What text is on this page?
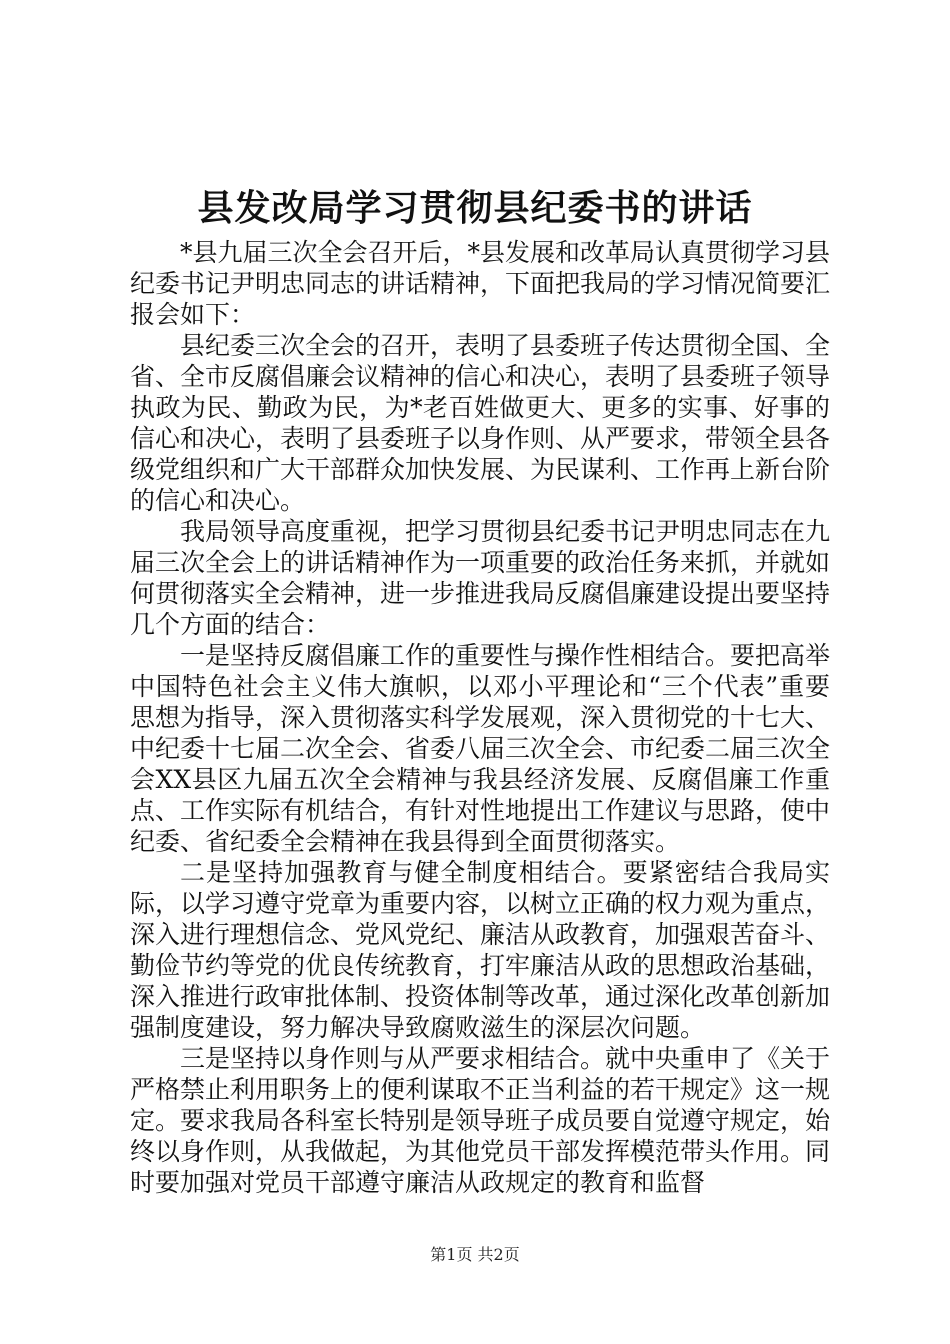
县发改局学习贯彻县纪委书的讲话

*县九届三次全会召开后，*县发展和改革局认真贯彻学习县纪委书记尹明忠同志的讲话精神，下面把我局的学习情况简要汇报会如下：

县纪委三次全会的召开，表明了县委班子传达贯彻全国、全省、全市反腐倡廉会议精神的信心和决心，表明了县委班子领导执政为民、勤政为民，为*老百姓做更大、更多的实事、好事的信心和决心，表明了县委班子以身作则、从严要求，带领全县各级党组织和广大干部群众加快发展、为民谋利、工作再上新台阶的信心和决心。

我局领导高度重视，把学习贯彻县纪委书记尹明忠同志在九届三次全会上的讲话精神作为一项重要的政治任务来抓，并就如何贯彻落实全会精神，进一步推进我局反腐倡廉建设提出要坚持几个方面的结合：

一是坚持反腐倡廉工作的重要性与操作性相结合。要把高举中国特色社会主义伟大旗帜，以邓小平理论和“三个代表”重要思想为指导，深入贯彻落实科学发展观，深入贯彻党的十七大、中纪委十七届二次全会、省委八届三次全会、市纪委二届三次全会XX县区九届五次全会精神与我县经济发展、反腐倡廉工作重点、工作实际有机结合，有针对性地提出工作建议与思路，使中纪委、省纪委全会精神在我县得到全面贯彻落实。

二是坚持加强教育与健全制度相结合。要紧密结合我局实际，以学习遵守党章为重要内容，以树立正确的权力观为重点，深入进行理想信念、党风党纪、廉洁从政教育，加强艰苦奋斗、勤俭节约等党的优良传统教育，打牢廉洁从政的思想政治基础，深入推进行政审批体制、投资体制等改革，通过深化改革创新加强制度建设，努力解决导致腐败滋生的深层次问题。

三是坚持以身作则与从严要求相结合。就中央重申了《关于严格禁止利用职务上的便利谋取不正当利益的若干规定》这一规定。要求我局各科室长特别是领导班子成员要自觉遵守规定，始终以身作则，从我做起，为其他党员干部发挥模范带头作用。同时要加强对党员干部遵守廉洁从政规定的教育和监督

第1页 共2页
